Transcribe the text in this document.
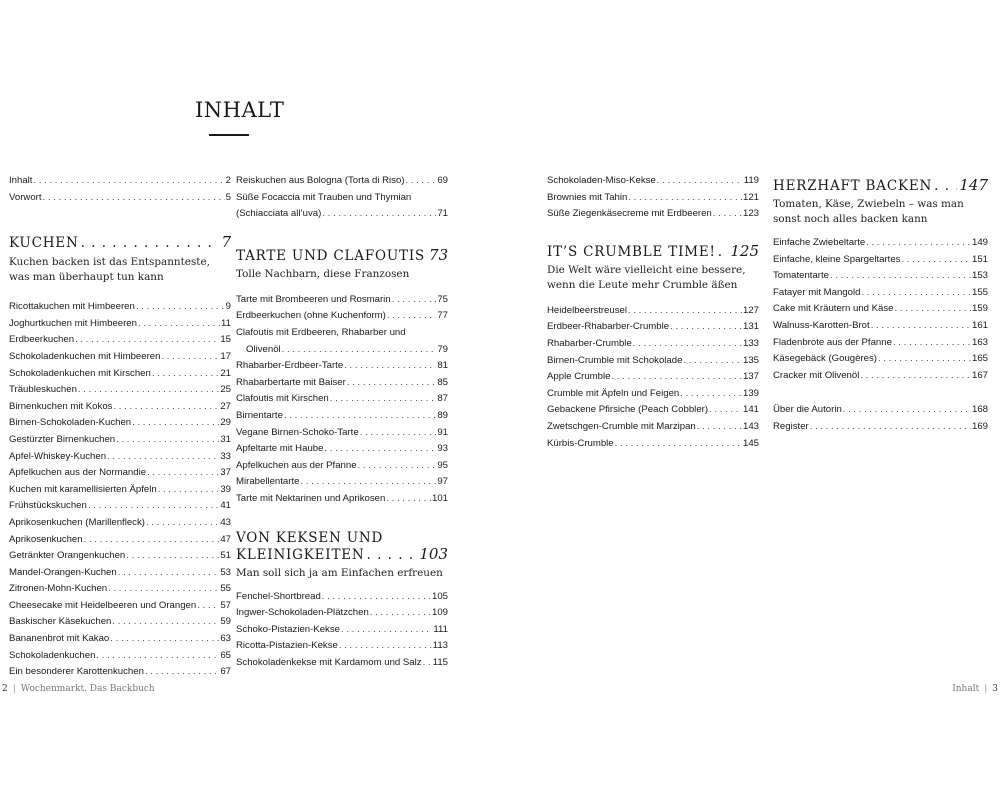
INHALT
Inhalt . . .	2
Vorwort . . .	5
KUCHEN . . .	7
Kuchen backen ist das Entspannteste, was man überhaupt tun kann
Ricottakuchen mit Himbeeren . . .	9
Joghurtkuchen mit Himbeeren . . .	11
Erdbeerkuchen . . .	15
Schokoladenkuchen mit Himbeeren . . .	17
Schokoladenkuchen mit Kirschen . . .	21
Träubleskuchen . . .	25
Birnenkuchen mit Kokos . . .	27
Birnen-Schokoladen-Kuchen . . .	29
Gestürzter Birnenkuchen . . .	31
Apfel-Whiskey-Kuchen . . .	33
Apfelkuchen aus der Normandie . . .	37
Kuchen mit karamellisierten Äpfeln . . .	39
Frühstückskuchen . . .	41
Aprikosenkuchen (Marillenfleck) . . .	43
Aprikosenkuchen . . .	47
Getränkter Orangenkuchen . . .	51
Mandel-Orangen-Kuchen . . .	53
Zitronen-Mohn-Kuchen . . .	55
Cheesecake mit Heidelbeeren und Orangen . . .	57
Baskischer Käsekuchen . . .	59
Bananenbrot mit Kakao . . .	63
Schokoladenkuchen . . .	65
Ein besonderer Karottenkuchen . . .	67
Reiskuchen aus Bologna (Torta di Riso) . . .	69
Süße Focaccia mit Trauben und Thymian
(Schiacciata all’uva) . . .	71
TARTE UND CLAFOUTIS 73
Tolle Nachbarn, diese Franzosen
Tarte mit Brombeeren und Rosmarin . . .	75
Erdbeerkuchen (ohne Kuchenform) . . .	77
Clafoutis mit Erdbeeren, Rhabarber und
Olivenöl . . .	79
Rhabarber-Erdbeer-Tarte . . .	81
Rhabarbertarte mit Baiser . . .	85
Clafoutis mit Kirschen . . .	87
Birnentarte . . .	89
Vegane Birnen-Schoko-Tarte . . .	91
Apfeltarte mit Haube . . .	93
Apfelkuchen aus der Pfanne . . .	95
Mirabellentarte . . .	97
Tarte mit Nektarinen und Aprikosen . . .	101
VON KEKSEN UND
KLEINIGKEITEN . . .	103
Man soll sich ja am Einfachen erfreuen
Fenchel-Shortbread . . .	105
Ingwer-Schokoladen-Plätzchen . . .	109
Schoko-Pistazien-Kekse . . .	111
Ricotta-Pistazien-Kekse . . .	113
Schokoladenkekse mit Kardamom und Salz . . . 115
Schokoladen-Miso-Kekse . . .	119
Brownies mit Tahin . . .	121
Süße Ziegenkäsecreme mit Erdbeeren . . .	123
IT’S CRUMBLE TIME! . . . 125
Die Welt wäre vielleicht eine bessere, wenn die Leute mehr Crumble äßen
Heidelbeerstreusel . . .	127
Erdbeer-Rhabarber-Crumble . . .	131
Rhabarber-Crumble . . .	133
Birnen-Crumble mit Schokolade . . .	135
Apple Crumble . . .	137
Crumble mit Äpfeln und Feigen . . .	139
Gebackene Pfirsiche (Peach Cobbler) . . .	141
Zwetschgen-Crumble mit Marzipan . . .	143
Kürbis-Crumble . . .	145
HERZHAFT BACKEN . . . 147
Tomaten, Käse, Zwiebeln – was man sonst noch alles backen kann
Einfache Zwiebeltarte . . .	149
Einfache, kleine Spargeltartes . . .	151
Tomatentarte . . .	153
Fatayer mit Mangold . . .	155
Cake mit Kräutern und Käse . . .	159
Walnuss-Karotten-Brot . . .	161
Fladenbrote aus der Pfanne . . .	163
Käsegebäck (Gougères) . . .	165
Cracker mit Olivenöl . . .	167
Über die Autorin . . .	168
Register . . .	169
2 | Wochenmarkt. Das Backbuch	Inhalt | 3
